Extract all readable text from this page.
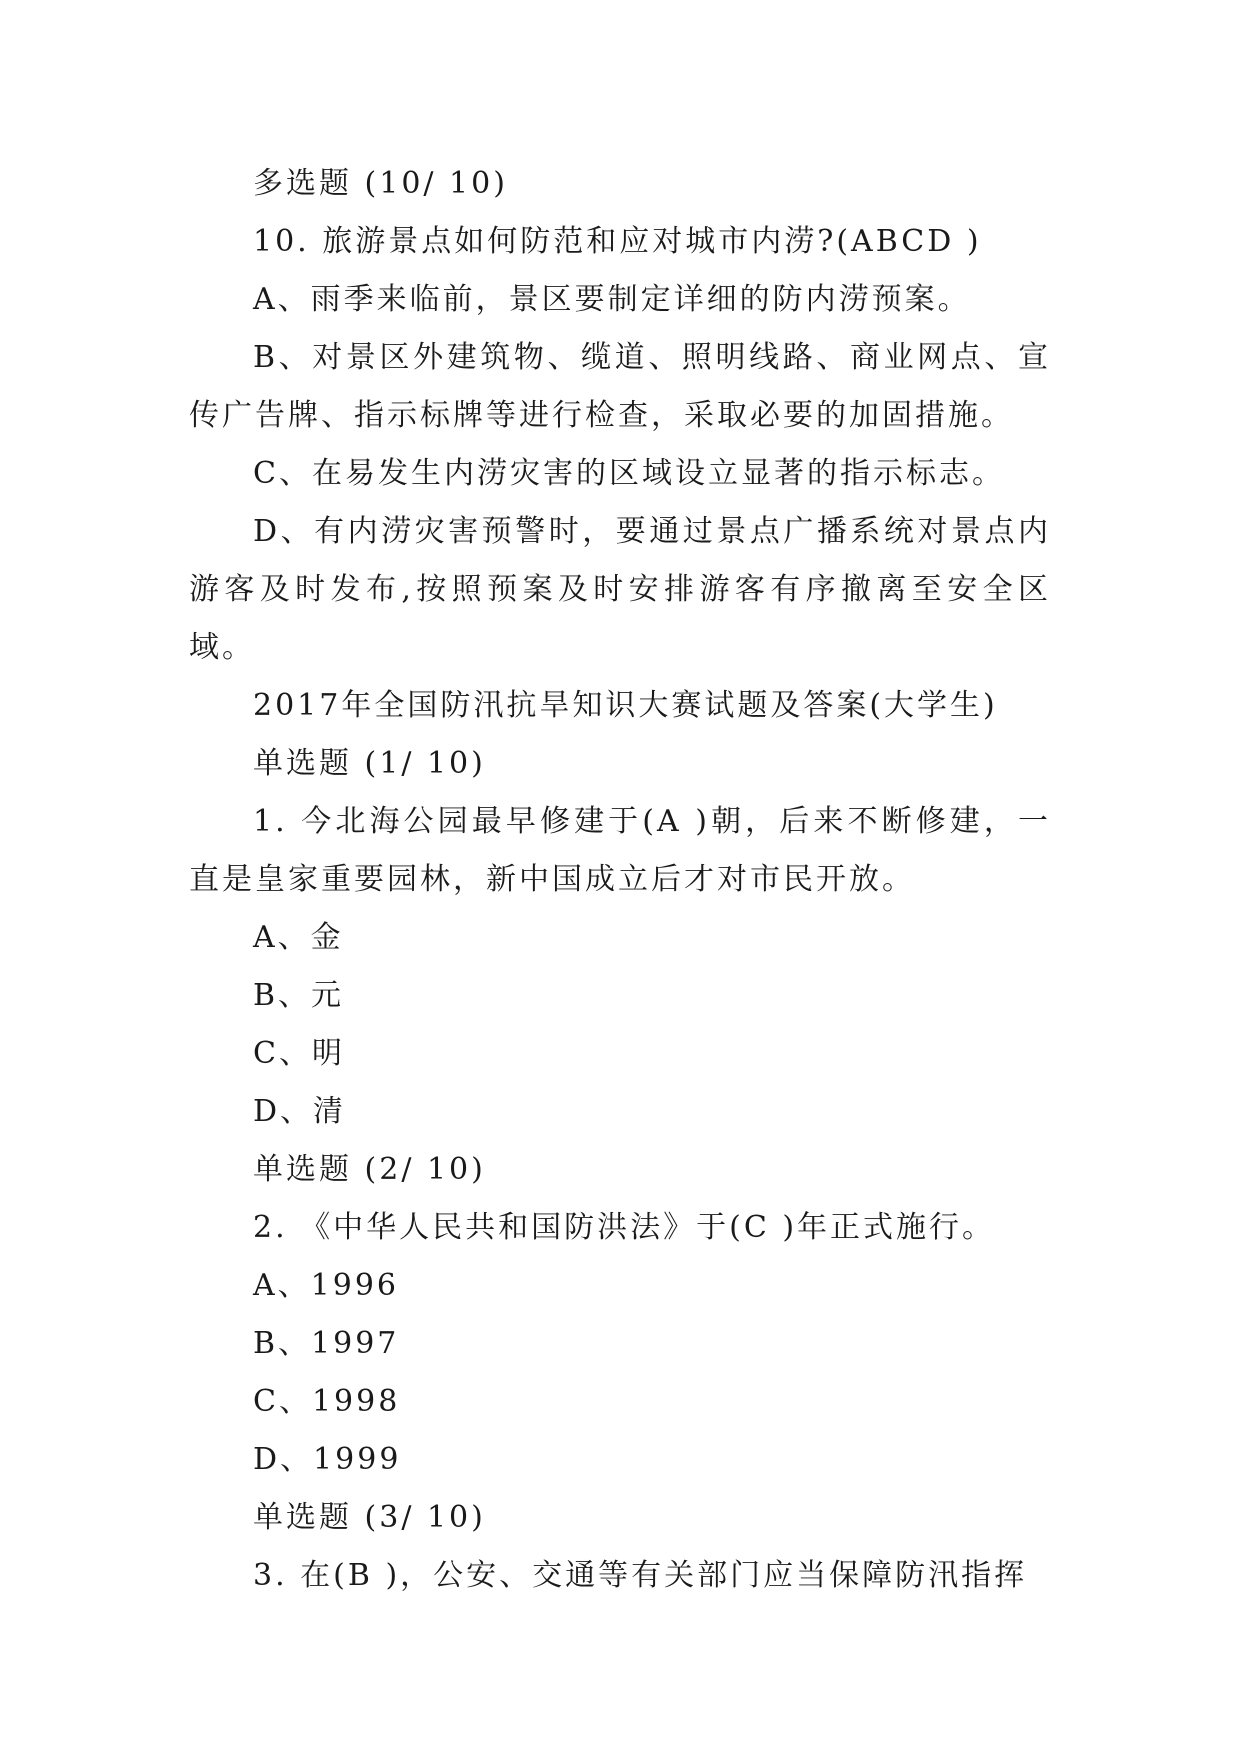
多选题 (10/ 10)

10. 旅游景点如何防范和应对城市内涝?(ABCD )

A、雨季来临前，景区要制定详细的防内涝预案。

B、对景区外建筑物、缆道、照明线路、商业网点、宣传广告牌、指示标牌等进行检查，采取必要的加固措施。

C、在易发生内涝灾害的区域设立显著的指示标志。

D、有内涝灾害预警时，要通过景点广播系统对景点内游客及时发布,按照预案及时安排游客有序撤离至安全区域。

2017年全国防汛抗旱知识大赛试题及答案(大学生)

单选题 (1/ 10)

1. 今北海公园最早修建于(A )朝，后来不断修建，一直是皇家重要园林，新中国成立后才对市民开放。

A、金

B、元

C、明

D、清

单选题 (2/ 10)

2. 《中华人民共和国防洪法》于(C )年正式施行。

A、1996

B、1997

C、1998

D、1999

单选题 (3/ 10)

3. 在(B )，公安、交通等有关部门应当保障防汛指挥
